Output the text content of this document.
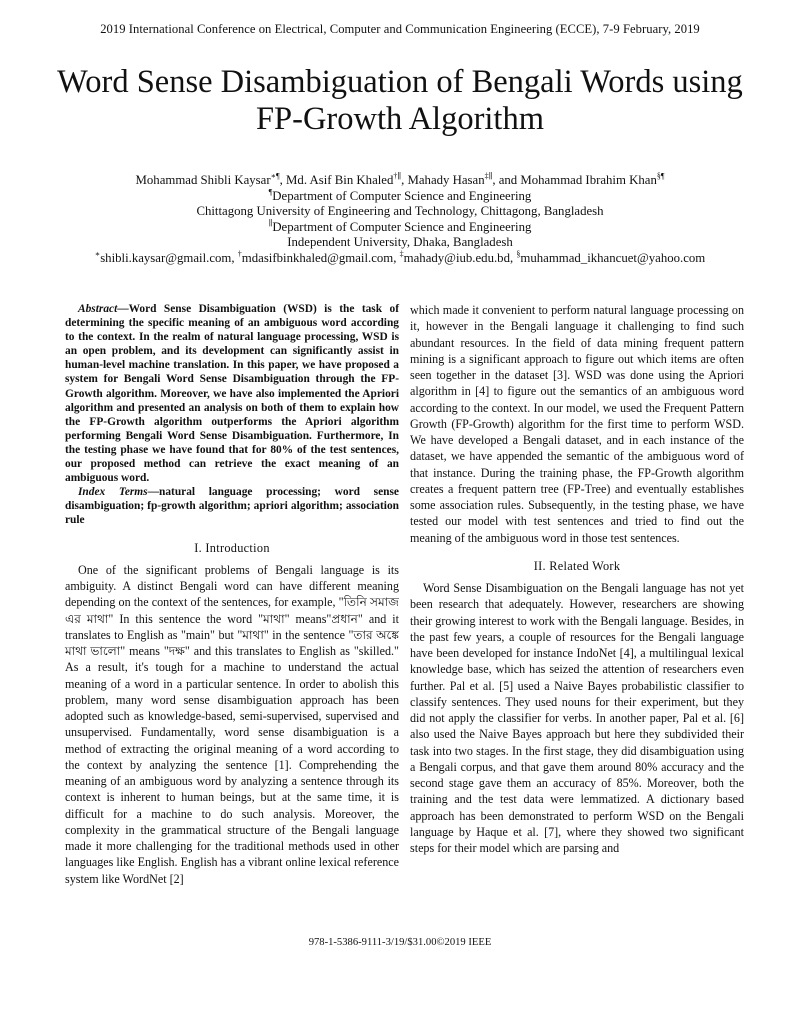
2019 International Conference on Electrical, Computer and Communication Engineering (ECCE), 7-9 February, 2019
Word Sense Disambiguation of Bengali Words using
FP-Growth Algorithm
Mohammad Shibli Kaysar∗¶, Md. Asif Bin Khaled†∥, Mahady Hasan‡∥, and Mohammad Ibrahim Khan§¶
¶Department of Computer Science and Engineering
Chittagong University of Engineering and Technology, Chittagong, Bangladesh
∥Department of Computer Science and Engineering
Independent University, Dhaka, Bangladesh
∗shibli.kaysar@gmail.com, †mdasifbinkhaled@gmail.com, ‡mahady@iub.edu.bd, §muhammad_ikhancuet@yahoo.com

Abstract—Word Sense Disambiguation (WSD) is the task of determining the specific meaning of an ambiguous word according to the context. In the realm of natural language processing, WSD is an open problem, and its development can significantly assist in human-level machine translation. In this paper, we have proposed a system for Bengali Word Sense Disambiguation through the FP-Growth algorithm. Moreover, we have also implemented the Apriori algorithm and presented an analysis on both of them to explain how the FP-Growth algorithm outperforms the Apriori algorithm performing Bengali Word Sense Disambiguation. Furthermore, In the testing phase we have found that for 80% of the test sentences, our proposed method can retrieve the exact meaning of an ambiguous word.

Index Terms—natural language processing; word sense disambiguation; fp-growth algorithm; apriori algorithm; association rule

I. Introduction

One of the significant problems of Bengali language is its ambiguity. A distinct Bengali word can have different meaning depending on the context of the sentences, for example, "তিনি সমাজ এর মাথা" In this sentence the word "মাথা" means"প্রধান" and it translates to English as "main" but "মাথা" in the sentence "তার অঙ্কে মাথা ভালো" means "দক্ষ" and this translates to English as "skilled." As a result, it's tough for a machine to understand the actual meaning of a word in a particular sentence. In order to abolish this problem, many word sense disambiguation approach has been adopted such as knowledge-based, semi-supervised, supervised and unsupervised. Fundamentally, word sense disambiguation is a method of extracting the original meaning of a word according to the context by analyzing the sentence [1]. Comprehending the meaning of an ambiguous word by analyzing a sentence through its context is inherent to human beings, but at the same time, it is difficult for a machine to do such analysis. Moreover, the complexity in the grammatical structure of the Bengali language made it more challenging for the traditional methods used in other languages like English. English has a vibrant online lexical reference system like WordNet [2]

which made it convenient to perform natural language processing on it, however in the Bengali language it challenging to find such abundant resources. In the field of data mining frequent pattern mining is a significant approach to figure out which items are often seen together in the dataset [3]. WSD was done using the Apriori algorithm in [4] to figure out the semantics of an ambiguous word according to the context. In our model, we used the Frequent Pattern Growth (FP-Growth) algorithm for the first time to perform WSD. We have developed a Bengali dataset, and in each instance of the dataset, we have appended the semantic of the ambiguous word of that instance. During the training phase, the FP-Growth algorithm creates a frequent pattern tree (FP-Tree) and eventually establishes some association rules. Subsequently, in the testing phase, we have tested our model with test sentences and tried to find out the meaning of the ambiguous word in those test sentences.

II. Related Work

Word Sense Disambiguation on the Bengali language has not yet been research that adequately. However, researchers are showing their growing interest to work with the Bengali language. Besides, in the past few years, a couple of resources for the Bengali language have been developed for instance IndoNet [4], a multilingual lexical knowledge base, which has seized the attention of researchers even further. Pal et al. [5] used a Naive Bayes probabilistic classifier to classify sentences. They used nouns for their experiment, but they did not apply the classifier for verbs. In another paper, Pal et al. [6] also used the Naive Bayes approach but here they subdivided their task into two stages. In the first stage, they did disambiguation using a Bengali corpus, and that gave them around 80% accuracy and the second stage gave them an accuracy of 85%. Moreover, both the training and the test data were lemmatized. A dictionary based approach has been demonstrated to perform WSD on the Bengali language by Haque et al. [7], where they showed two significant steps for their model which are parsing and

978-1-5386-9111-3/19/$31.00©2019 IEEE
